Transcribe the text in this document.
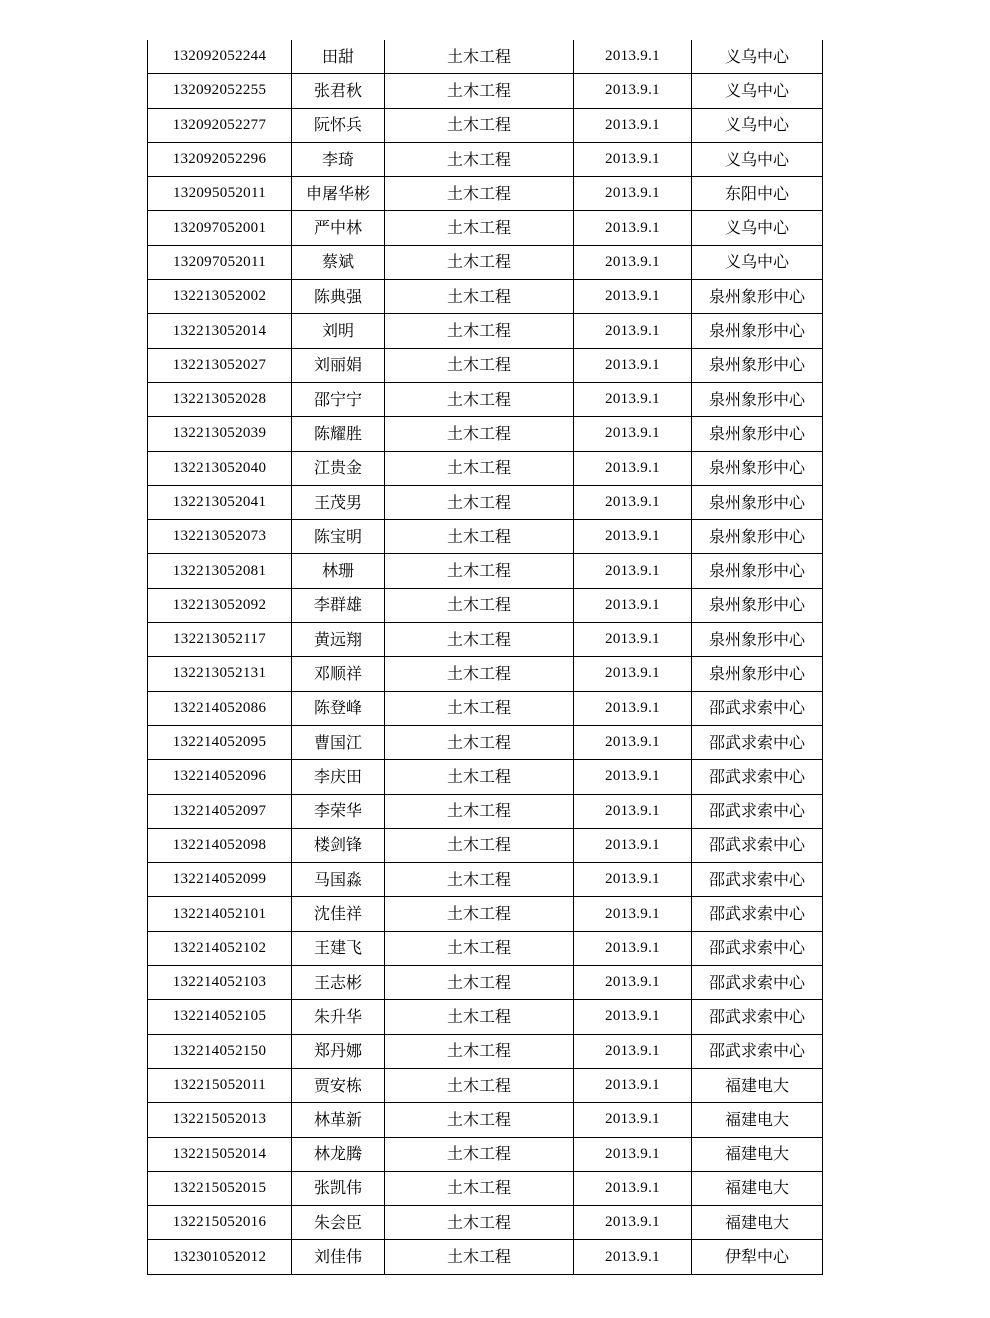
132092052244	田甜	土木工程	2013.9.1	义乌中心
132092052255	张君秋	土木工程	2013.9.1	义乌中心
132092052277	阮怀兵	土木工程	2013.9.1	义乌中心
132092052296	李琦	土木工程	2013.9.1	义乌中心
132095052011	申屠华彬	土木工程	2013.9.1	东阳中心
132097052001	严中林	土木工程	2013.9.1	义乌中心
132097052011	蔡斌	土木工程	2013.9.1	义乌中心
132213052002	陈典强	土木工程	2013.9.1	泉州象形中心
132213052014	刘明	土木工程	2013.9.1	泉州象形中心
132213052027	刘丽娟	土木工程	2013.9.1	泉州象形中心
132213052028	邵宁宁	土木工程	2013.9.1	泉州象形中心
132213052039	陈耀胜	土木工程	2013.9.1	泉州象形中心
132213052040	江贵金	土木工程	2013.9.1	泉州象形中心
132213052041	王茂男	土木工程	2013.9.1	泉州象形中心
132213052073	陈宝明	土木工程	2013.9.1	泉州象形中心
132213052081	林珊	土木工程	2013.9.1	泉州象形中心
132213052092	李群雄	土木工程	2013.9.1	泉州象形中心
132213052117	黄远翔	土木工程	2013.9.1	泉州象形中心
132213052131	邓顺祥	土木工程	2013.9.1	泉州象形中心
132214052086	陈登峰	土木工程	2013.9.1	邵武求索中心
132214052095	曹国江	土木工程	2013.9.1	邵武求索中心
132214052096	李庆田	土木工程	2013.9.1	邵武求索中心
132214052097	李荣华	土木工程	2013.9.1	邵武求索中心
132214052098	楼剑锋	土木工程	2013.9.1	邵武求索中心
132214052099	马国淼	土木工程	2013.9.1	邵武求索中心
132214052101	沈佳祥	土木工程	2013.9.1	邵武求索中心
132214052102	王建飞	土木工程	2013.9.1	邵武求索中心
132214052103	王志彬	土木工程	2013.9.1	邵武求索中心
132214052105	朱升华	土木工程	2013.9.1	邵武求索中心
132214052150	郑丹娜	土木工程	2013.9.1	邵武求索中心
132215052011	贾安栋	土木工程	2013.9.1	福建电大
132215052013	林革新	土木工程	2013.9.1	福建电大
132215052014	林龙腾	土木工程	2013.9.1	福建电大
132215052015	张凯伟	土木工程	2013.9.1	福建电大
132215052016	朱会臣	土木工程	2013.9.1	福建电大
132301052012	刘佳伟	土木工程	2013.9.1	伊犁中心
